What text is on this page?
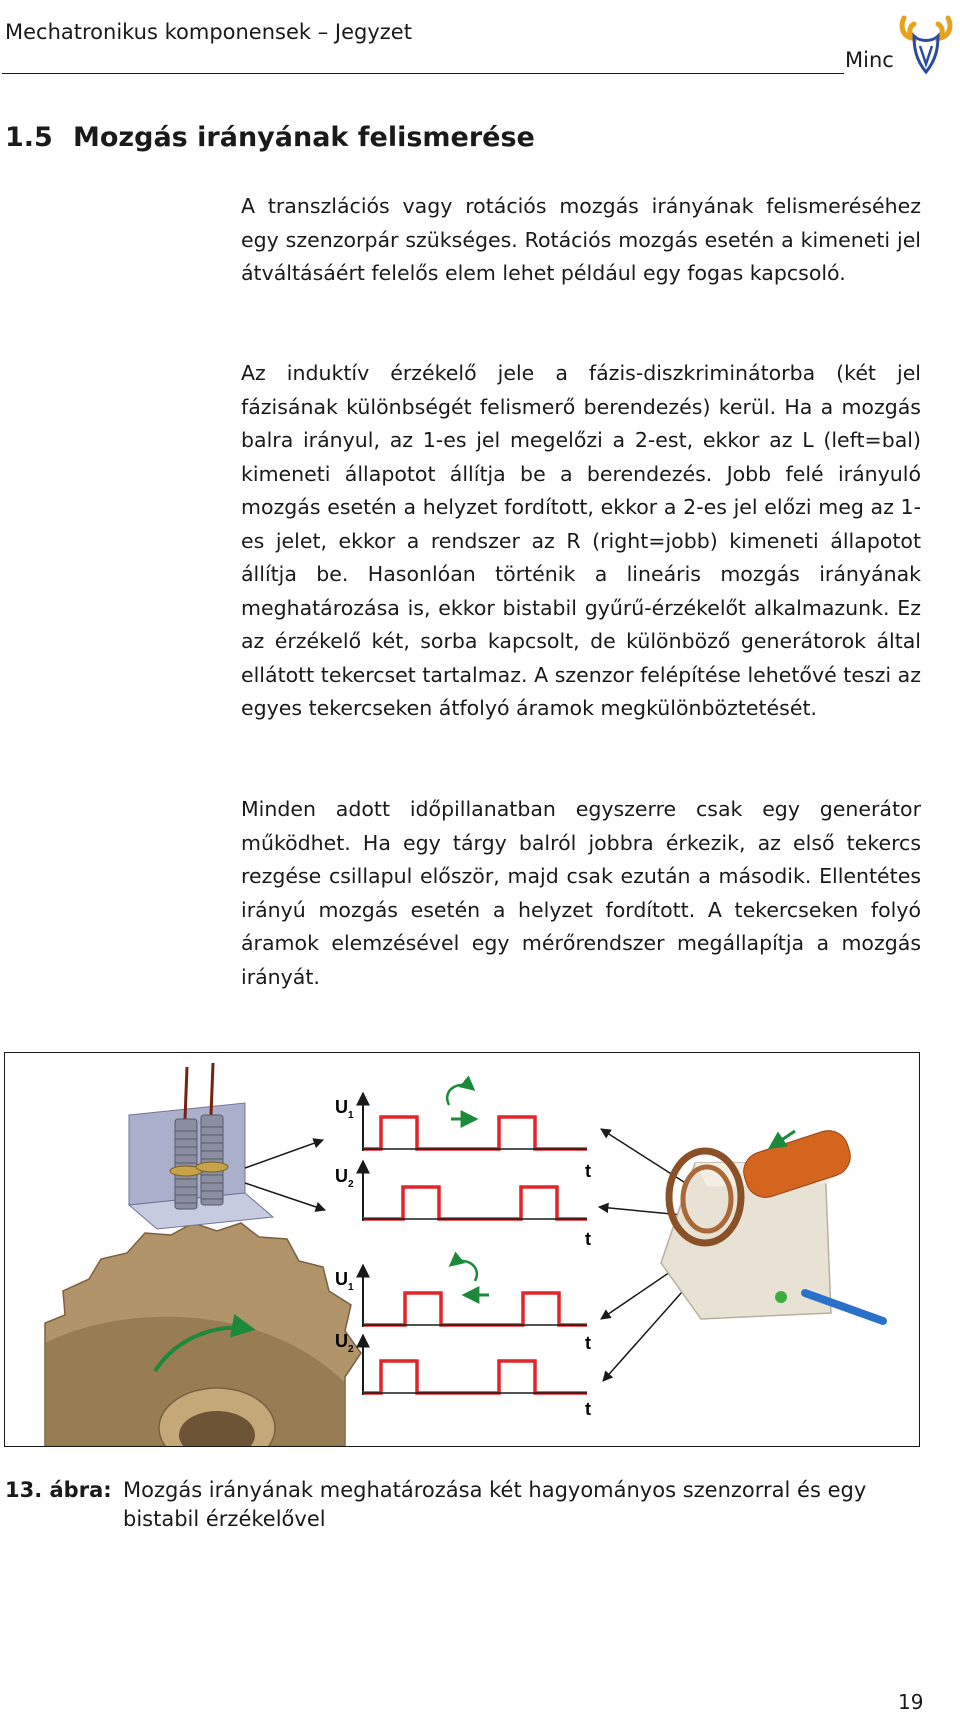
Mechatronikus komponensek – Jegyzet
Minc
1.5 Mozgás irányának felismerése

A transzlációs vagy rotációs mozgás irányának felismeréséhez egy szenzorpár szükséges. Rotációs mozgás esetén a kimeneti jel átváltásáért felelős elem lehet például egy fogas kapcsoló.

Az induktív érzékelő jele a fázis-diszkriminátorba (két jel fázisának különbségét felismerő berendezés) kerül. Ha a mozgás balra irányul, az 1-es jel megelőzi a 2-est, ekkor az L (left=bal) kimeneti állapotot állítja be a berendezés. Jobb felé irányuló mozgás esetén a helyzet fordított, ekkor a 2-es jel előzi meg az 1-es jelet, ekkor a rendszer az R (right=jobb) kimeneti állapotot állítja be. Hasonlóan történik a lineáris mozgás irányának meghatározása is, ekkor bistabil gyűrű-érzékelőt alkalmazunk. Ez az érzékelő két, sorba kapcsolt, de különböző generátorok által ellátott tekercset tartalmaz. A szenzor felépítése lehetővé teszi az egyes tekercseken átfolyó áramok megkülönböztetését.

Minden adott időpillanatban egyszerre csak egy generátor működhet. Ha egy tárgy balról jobbra érkezik, az első tekercs rezgése csillapul először, majd csak ezután a második. Ellentétes irányú mozgás esetén a helyzet fordított. A tekercseken folyó áramok elemzésével egy mérőrendszer megállapítja a mozgás irányát.

$U_1$
$U_2$
t
t
$U_1$
$U_2$	t
t
13. ábra: Mozgás irányának meghatározása két hagyományos szenzorral és egy bistabil érzékelővel
19
